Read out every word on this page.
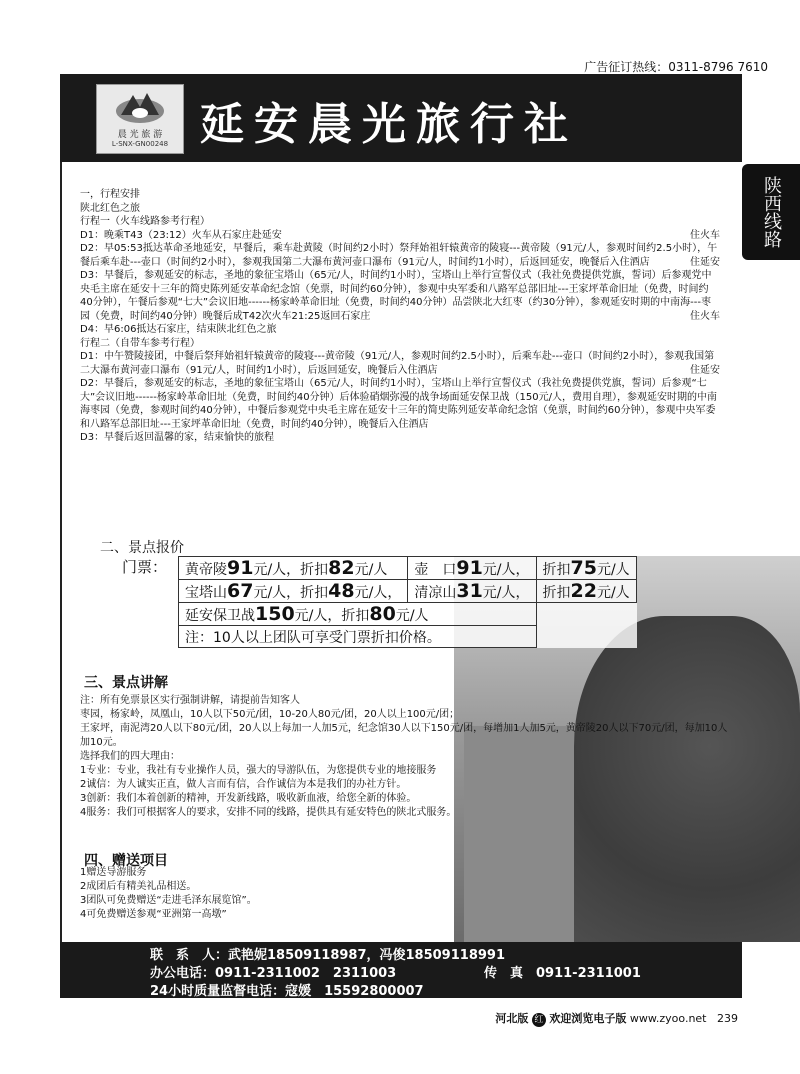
广告征订热线：0311-8796 7610
晨 光 旅 游
L-SNX-GN00248 延安晨光旅行社
陕西线路

一，行程安排

陕北红色之旅

行程一（火车线路参考行程）

D1：晚乘T43（23:12）火车从石家庄赴延安	住火车

D2：早05:53抵达革命圣地延安，早餐后，乘车赴黄陵（时间约2小时）祭拜始祖轩辕黄帝的陵寝---黄帝陵（91元/人，参观时间约2.5小时），午餐后乘车赴---壶口（时间约2小时），参观我国第二大瀑布黄河壶口瀑布（91元/人，时间约1小时），后返回延安，晚餐后入住酒店	住延安

D3：早餐后，参观延安的标志，圣地的象征宝塔山（65元/人，时间约1小时），宝塔山上举行宣誓仪式（我社免费提供党旗，誓词）后参观党中央毛主席在延安十三年的简史陈列延安革命纪念馆（免票，时间约60分钟），参观中央军委和八路军总部旧址---王家坪革命旧址（免费，时间约40分钟），午餐后参观“七大”会议旧地------杨家岭革命旧址（免费，时间约40分钟）品尝陕北大红枣（约30分钟），参观延安时期的中南海---枣园（免费，时间约40分钟）晚餐后成T42次火车21:25返回石家庄	住火车

D4：早6:06抵达石家庄，结束陕北红色之旅

行程二（自带车参考行程）

D1：中午赞陵接团，中餐后祭拜始祖轩辕黄帝的陵寝---黄帝陵（91元/人，参观时间约2.5小时），后乘车赴---壶口（时间约2小时），参观我国第二大瀑布黄河壶口瀑布（91元/人，时间约1小时），后返回延安，晚餐后入住酒店	住延安

D2：早餐后，参观延安的标志，圣地的象征宝塔山（65元/人，时间约1小时），宝塔山上举行宣誓仪式（我社免费提供党旗，誓词）后参观“七大”会议旧地------杨家岭革命旧址（免费，时间约40分钟）后体验硝烟弥漫的战争场面延安保卫战（150元/人，费用自理），参观延安时期的中南海枣园（免费，参观时间约40分钟），中餐后参观党中央毛主席在延安十三年的简史陈列延安革命纪念馆（免票，时间约60分钟），参观中央军委和八路军总部旧址---王家坪革命旧址（免费，时间约40分钟），晚餐后入住酒店

D3：早餐后返回温馨的家，结束愉快的旅程

二、景点报价
门票： 黄帝陵91元/人，折扣82元/人	壶　口91元/人，	折扣75元/人
宝塔山67元/人，折扣48元/人，	清凉山31元/人，	折扣22元/人
延安保卫战150元/人，折扣80元/人		
注：10人以上团队可享受门票折扣价格。		
三、景点讲解

注：所有免票景区实行强制讲解，请提前告知客人

枣园，杨家岭，凤凰山，10人以下50元/团，10-20人80元/团，20人以上100元/团；

王家坪，南泥湾20人以下80元/团，20人以上每加一人加5元，纪念馆30人以下150元/团，每增加1人加5元，黄帝陵20人以下70元/团，每加10人加10元。

选择我们的四大理由：

1专业：专业，我社有专业操作人员，强大的导游队伍，为您提供专业的地接服务

2诚信：为人诚实正直，做人言而有信，合作诚信为本是我们的办社方针。

3创新：我们本着创新的精神，开发新线路，吸收新血液，给您全新的体验。

4服务：我们可根据客人的要求，安排不同的线路，提供具有延安特色的陕北式服务。

四、赠送项目

1赠送导游服务

2成团后有精美礼品相送。

3团队可免费赠送“走进毛泽东展览馆”。

4可免费赠送参观“亚洲第一高墩”

联　系　人：武艳妮18509118987，冯俊18509118991
办公电话：0911-2311002　2311003	传　真　0911-2311001
24小时质量监督电话：寇媛　15592800007
河北版 红 欢迎浏览电子版 www.zyoo.net 239
